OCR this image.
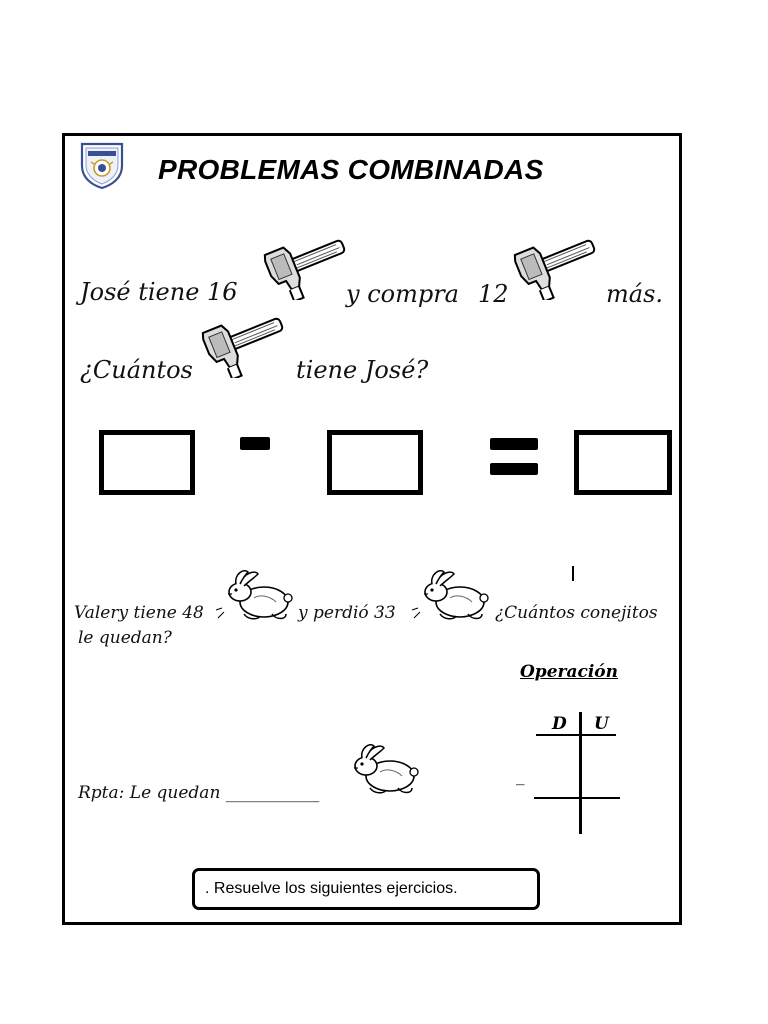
PROBLEMAS COMBINADAS
José tiene 16	y compra 12	más.
¿Cuántos	tiene José?
Valery tiene 48	y perdió 33	¿Cuántos conejitos
le quedan?
Operación
D U
_
Rpta: Le quedan ___________
. Resuelve los siguientes ejercicios.
